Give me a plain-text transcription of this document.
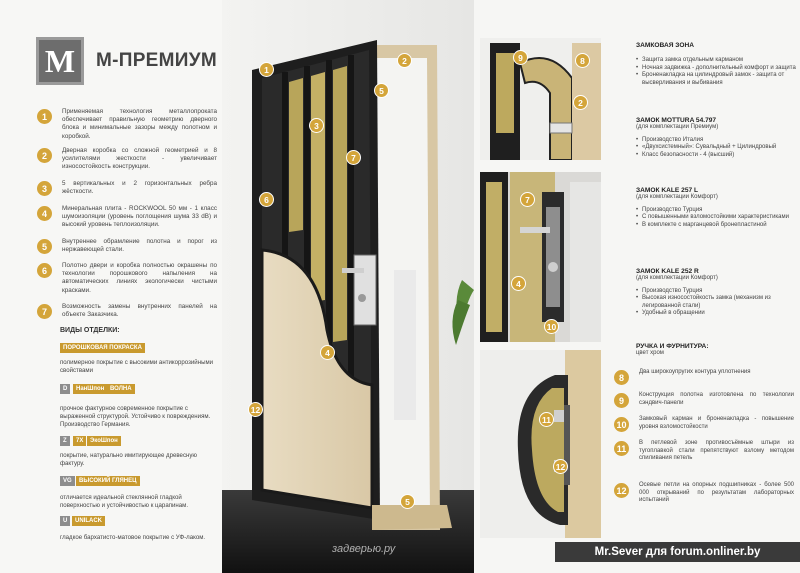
M М-ПРЕМИУМ
1	Применяемая технология металлопроката обеспечивает правильную геометрию дверного блока и минимальные зазоры между полотном и коробкой.
2	Дверная коробка со сложной геометрией и 8 усилителями жесткости - увеличивает износостойкость конструкции.
3	5 вертикальных и 2 горизонтальных ребра жёсткости.
4	Минеральная плита - ROCKWOOL 50 мм - 1 класс шумоизоляции (уровень поглощения шума 33 dB) и высокий уровень теплоизоляции.
5	Внутреннее обрамление полотна и порог из нержавеющей стали.
6	Полотно двери и коробка полностью окрашены по технологии порошкового напыления на автоматических линиях экологически чистыми красками.
7	Возможность замены внутренних панелей на объекте Заказчика.
ВИДЫ ОТДЕЛКИ:
ПОРОШКОВАЯ ПОКРАСКА
полимерное покрытие с высокими антикоррозийными свойствами
D	НанШпон ВОЛНА
прочное фактурное современное покрытие с выраженной структурой. Устойчиво к повреждениям. Производство Германия.
Z	7Х	ЭкоШпон
покрытие, натурально имитирующее древесную фактуру.
VG	ВЫСОКИЙ ГЛЯНЕЦ
отличается идеальной стеклянной гладкой поверхностью и устойчивостью к царапинам.
U	UNILACK
гладкое бархатисто-матовое покрытие с УФ-лаком.
1
2
3
5
7
6
4
12
5
задверью.ру
9	8
2
7
4
10
11
12
ЗАМКОВАЯ ЗОНА
• Защита замка отдельным карманом
• Ночная задвижка - дополнительный комфорт и защита
• Броненакладка на цилиндровый замок - защита от высверливания и выбивания
ЗАМОК MOTTURA 54.797
(для комплектации Премиум)
• Производство Италия
• «Двухсистемный»: Сувальдный + Цилиндровый
• Класс безопасности - 4 (высший)
ЗАМОК KALE 257 L
(для комплектации Комфорт)
• Производство Турция
• С повышенными взломостойкими характеристиками
• В комплекте с марганцевой бронепластиной
ЗАМОК KALE 252 R
(для комплектации Комфорт)
• Производство Турция
• Высокая износостойкость замка (механизм из легированной стали)
• Удобный в обращении
РУЧКА И ФУРНИТУРА:
цвет хром
8
Два широкоупругих контура уплотнения
9
Конструкция полотна изготовлена по технологии сэндвич-панели
10
Замковый карман и броненакладка - повышение уровня взломостойкости
11
В петлевой зоне противосъёмные штыри из тугоплавкой стали препятствуют взлому методом спиливания петель
12
Осевые петли на опорных подшипниках - более 500 000 открываний по результатам лабораторных испытаний
Mr.Sever для forum.onliner.by
